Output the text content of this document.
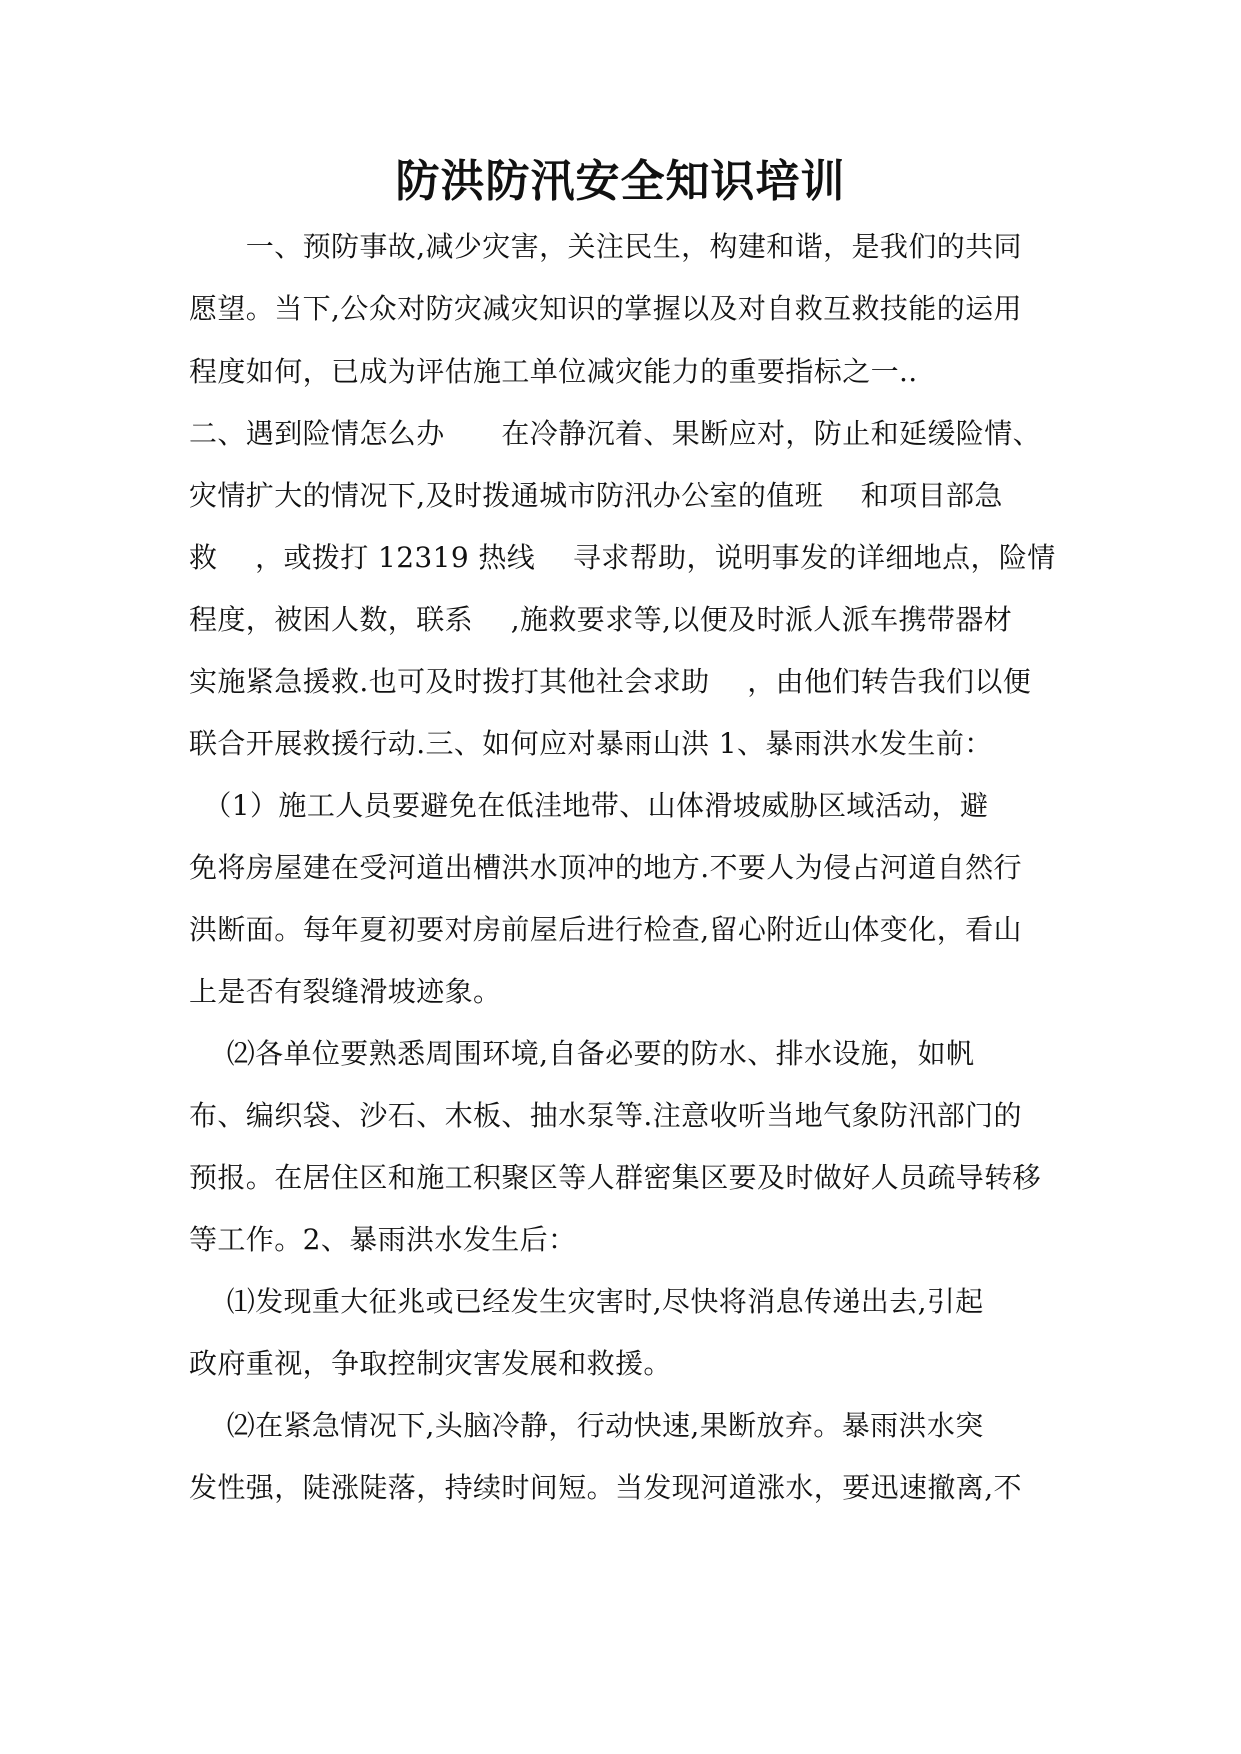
防洪防汛安全知识培训
　　一、预防事故,减少灾害，关注民生，构建和谐，是我们的共同
愿望。当下,公众对防灾减灾知识的掌握以及对自救互救技能的运用
程度如何，已成为评估施工单位减灾能力的重要指标之一..
二、遇到险情怎么办　　在冷静沉着、果断应对，防止和延缓险情、
灾情扩大的情况下,及时拨通城市防汛办公室的值班　 和项目部急
救　 ，或拨打 12319 热线　 寻求帮助，说明事发的详细地点，险情
程度，被困人数，联系　 ,施救要求等,以便及时派人派车携带器材
实施紧急援救.也可及时拨打其他社会求助　 ，由他们转告我们以便
联合开展救援行动.三、如何应对暴雨山洪 1、暴雨洪水发生前：
　（1）施工人员要避免在低洼地带、山体滑坡威胁区域活动，避
免将房屋建在受河道出槽洪水顶冲的地方.不要人为侵占河道自然行
洪断面。每年夏初要对房前屋后进行检查,留心附近山体变化，看山
上是否有裂缝滑坡迹象。
　 ⑵各单位要熟悉周围环境,自备必要的防水、排水设施，如帆
布、编织袋、沙石、木板、抽水泵等.注意收听当地气象防汛部门的
预报。在居住区和施工积聚区等人群密集区要及时做好人员疏导转移
等工作。2、暴雨洪水发生后：
　 ⑴发现重大征兆或已经发生灾害时,尽快将消息传递出去,引起
政府重视，争取控制灾害发展和救援。
　 ⑵在紧急情况下,头脑冷静，行动快速,果断放弃。暴雨洪水突
发性强，陡涨陡落，持续时间短。当发现河道涨水，要迅速撤离,不
